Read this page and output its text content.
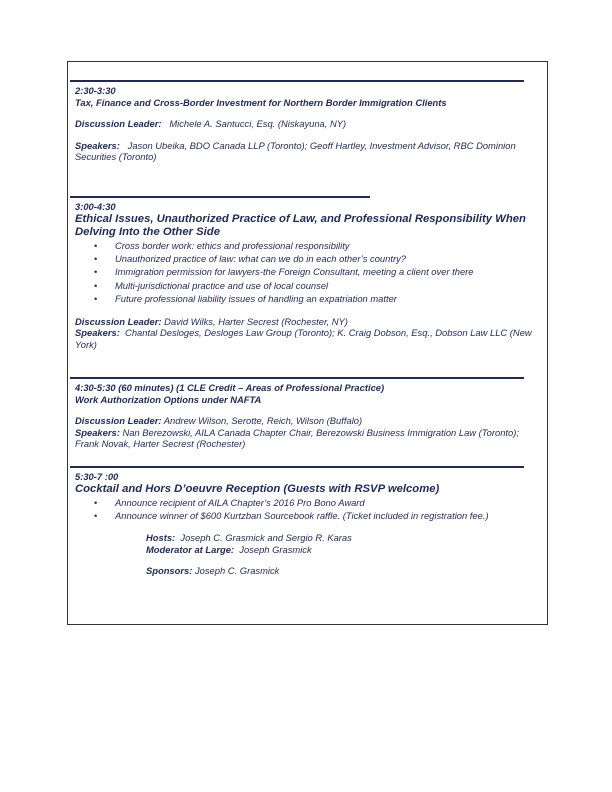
2:30-3:30
Tax, Finance and Cross-Border Investment for Northern Border Immigration Clients
Discussion Leader: Michele A. Santucci, Esq. (Niskayuna, NY)
Speakers: Jason Ubeika, BDO Canada LLP (Toronto); Geoff Hartley, Investment Advisor, RBC Dominion Securities (Toronto)
3:00-4:30
Ethical Issues, Unauthorized Practice of Law, and Professional Responsibility When Delving Into the Other Side
• Cross border work: ethics and professional responsibility
• Unauthorized practice of law: what can we do in each other’s country?
• Immigration permission for lawyers-the Foreign Consultant, meeting a client over there
• Multi-jurisdictional practice and use of local counsel
• Future professional liability issues of handling an expatriation matter
Discussion Leader: David Wilks, Harter Secrest (Rochester, NY)
Speakers: Chantal Desloges, Desloges Law Group (Toronto); K. Craig Dobson, Esq., Dobson Law LLC (New York)
4:30-5:30 (60 minutes) (1 CLE Credit – Areas of Professional Practice)
Work Authorization Options under NAFTA
Discussion Leader: Andrew Wilson, Serotte, Reich, Wilson (Buffalo)
Speakers: Nan Berezowski, AILA Canada Chapter Chair, Berezowski Business Immigration Law (Toronto); Frank Novak, Harter Secrest (Rochester)
5:30-7 :00
Cocktail and Hors D’oeuvre Reception (Guests with RSVP welcome)
• Announce recipient of AILA Chapter’s 2016 Pro Bono Award
• Announce winner of $600 Kurtzban Sourcebook raffle. (Ticket included in registration fee.)
Hosts: Joseph C. Grasmick and Sergio R. Karas
Moderator at Large: Joseph Grasmick
Sponsors: Joseph C. Grasmick
